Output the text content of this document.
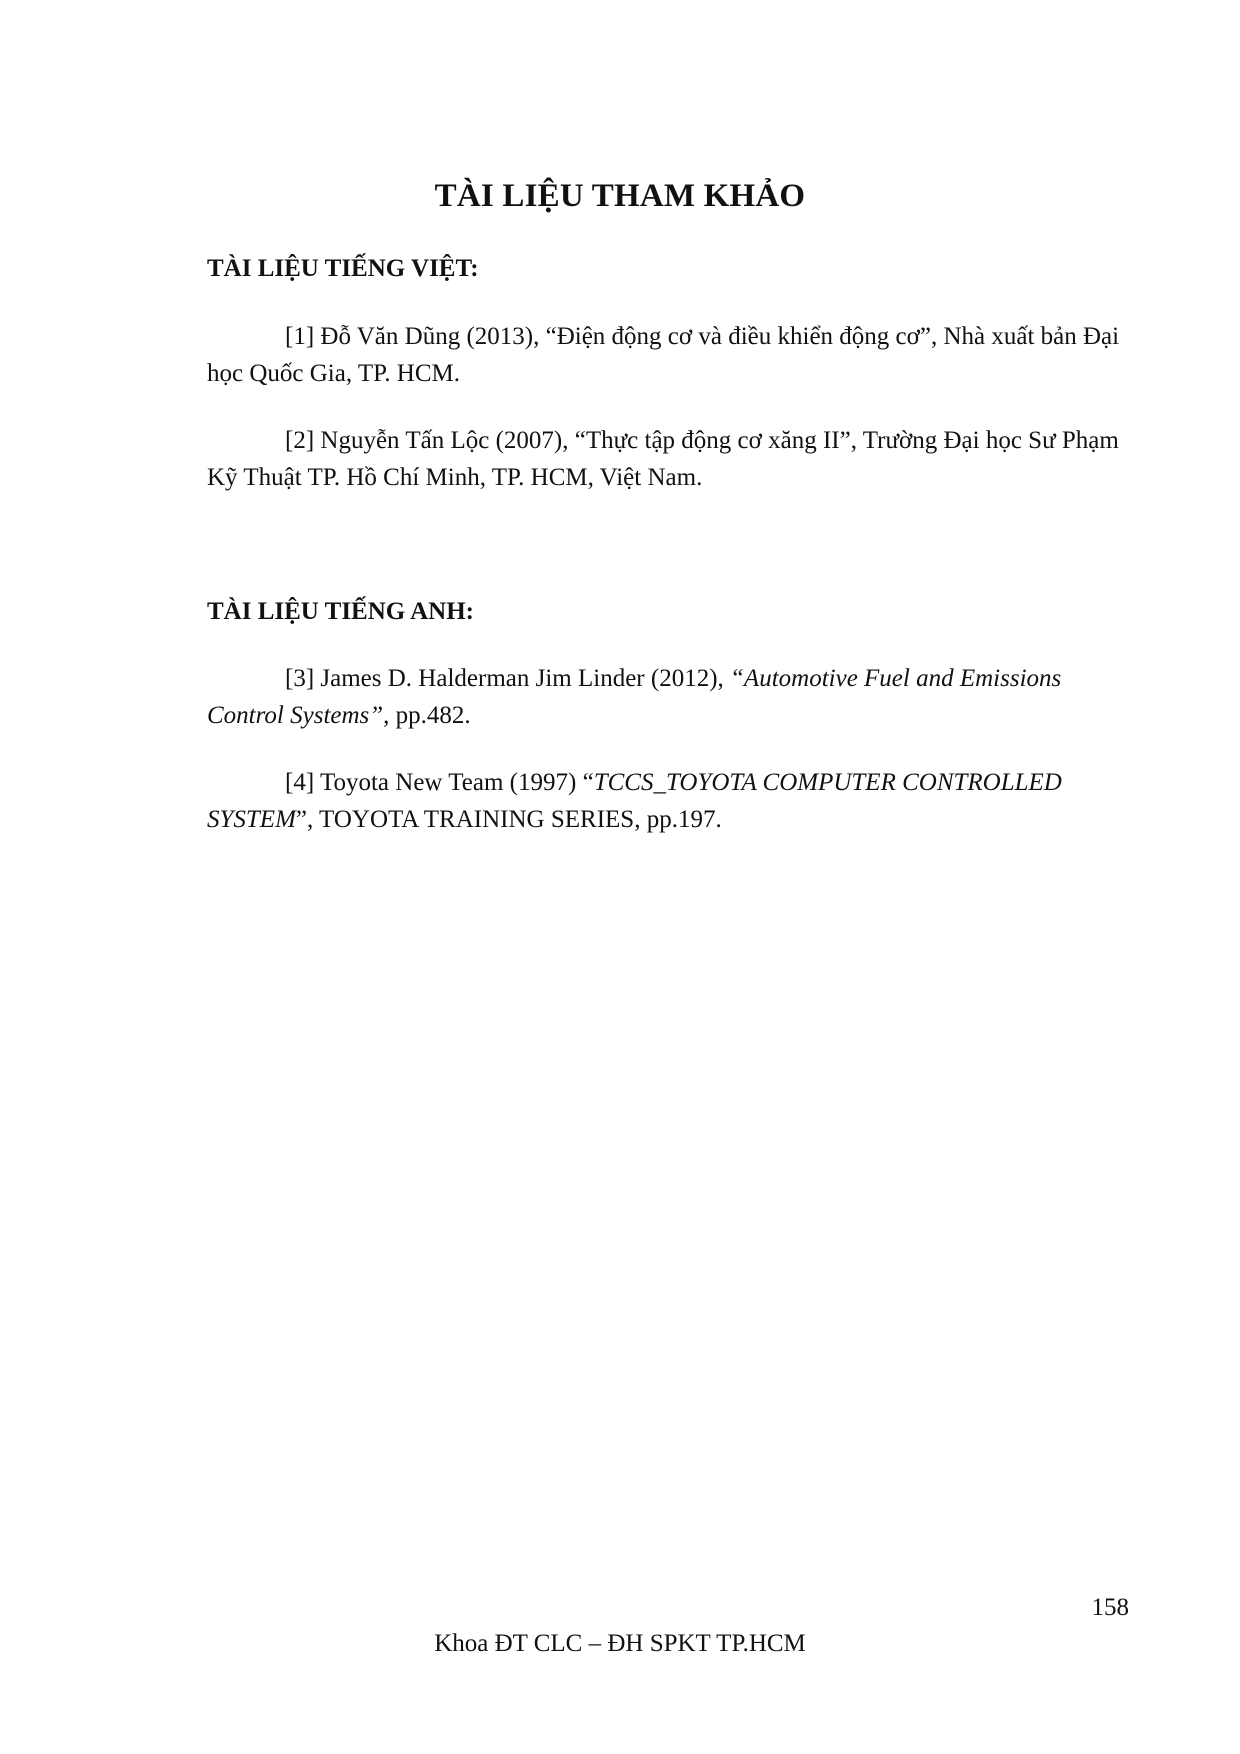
TÀI LIỆU THAM KHẢO
TÀI LIỆU TIẾNG VIỆT:
[1] Đỗ Văn Dũng (2013), “Điện động cơ và điều khiển động cơ”, Nhà xuất bản Đại học Quốc Gia, TP. HCM.
[2] Nguyễn Tấn Lộc (2007), “Thực tập động cơ xăng II”, Trường Đại học Sư Phạm Kỹ Thuật TP. Hồ Chí Minh, TP. HCM, Việt Nam.
TÀI LIỆU TIẾNG ANH:
[3] James D. Halderman Jim Linder (2012), “Automotive Fuel and Emissions Control Systems”, pp.482.
[4] Toyota New Team (1997) “TCCS_TOYOTA COMPUTER CONTROLLED SYSTEM”, TOYOTA TRAINING SERIES, pp.197.
158
Khoa ĐT CLC – ĐH SPKT TP.HCM
